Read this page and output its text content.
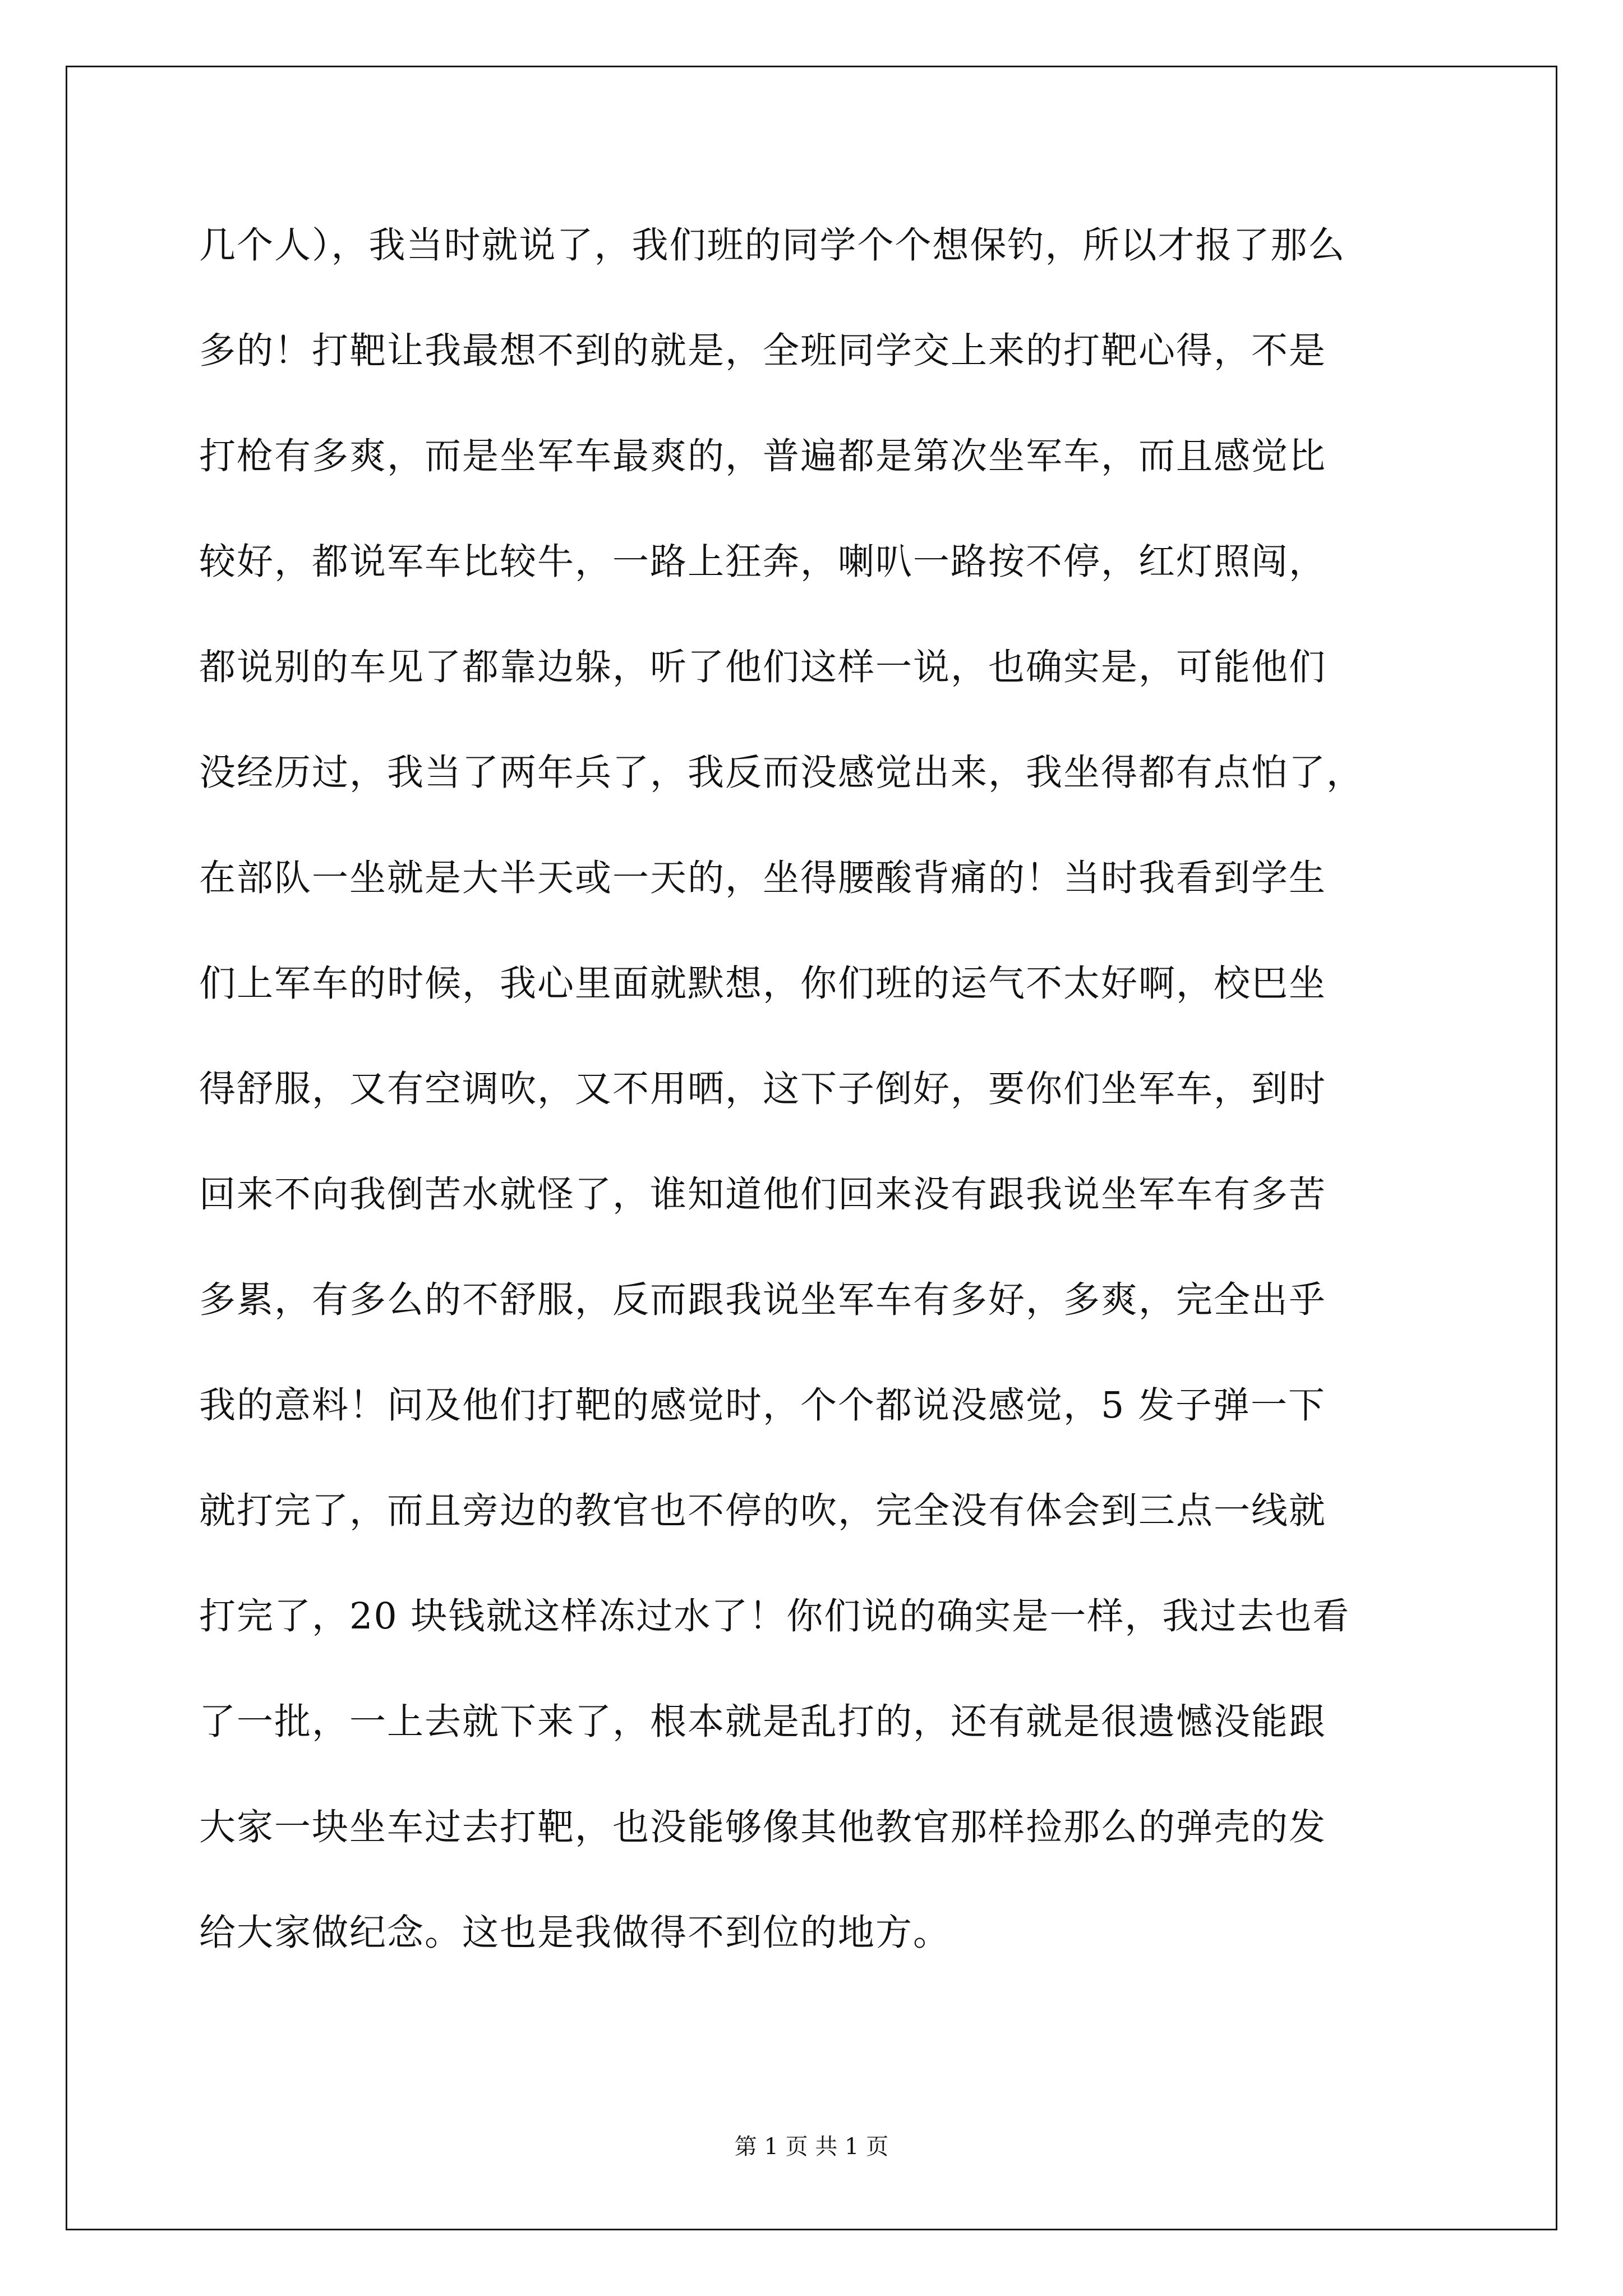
几个人），我当时就说了，我们班的同学个个想保钓，所以才报了那么
多的！打靶让我最想不到的就是，全班同学交上来的打靶心得，不是
打枪有多爽，而是坐军车最爽的，普遍都是第次坐军车，而且感觉比
较好，都说军车比较牛，一路上狂奔，喇叭一路按不停，红灯照闯，
都说别的车见了都靠边躲，听了他们这样一说，也确实是，可能他们
没经历过，我当了两年兵了，我反而没感觉出来，我坐得都有点怕了，
在部队一坐就是大半天或一天的，坐得腰酸背痛的！当时我看到学生
们上军车的时候，我心里面就默想，你们班的运气不太好啊，校巴坐
得舒服，又有空调吹，又不用晒，这下子倒好，要你们坐军车，到时
回来不向我倒苦水就怪了，谁知道他们回来没有跟我说坐军车有多苦
多累，有多么的不舒服，反而跟我说坐军车有多好，多爽，完全出乎
我的意料！问及他们打靶的感觉时，个个都说没感觉，5 发子弹一下
就打完了，而且旁边的教官也不停的吹，完全没有体会到三点一线就
打完了，20 块钱就这样冻过水了！你们说的确实是一样，我过去也看
了一批，一上去就下来了，根本就是乱打的，还有就是很遗憾没能跟
大家一块坐车过去打靶，也没能够像其他教官那样捡那么的弹壳的发
给大家做纪念。这也是我做得不到位的地方。
第 1 页 共 1 页
